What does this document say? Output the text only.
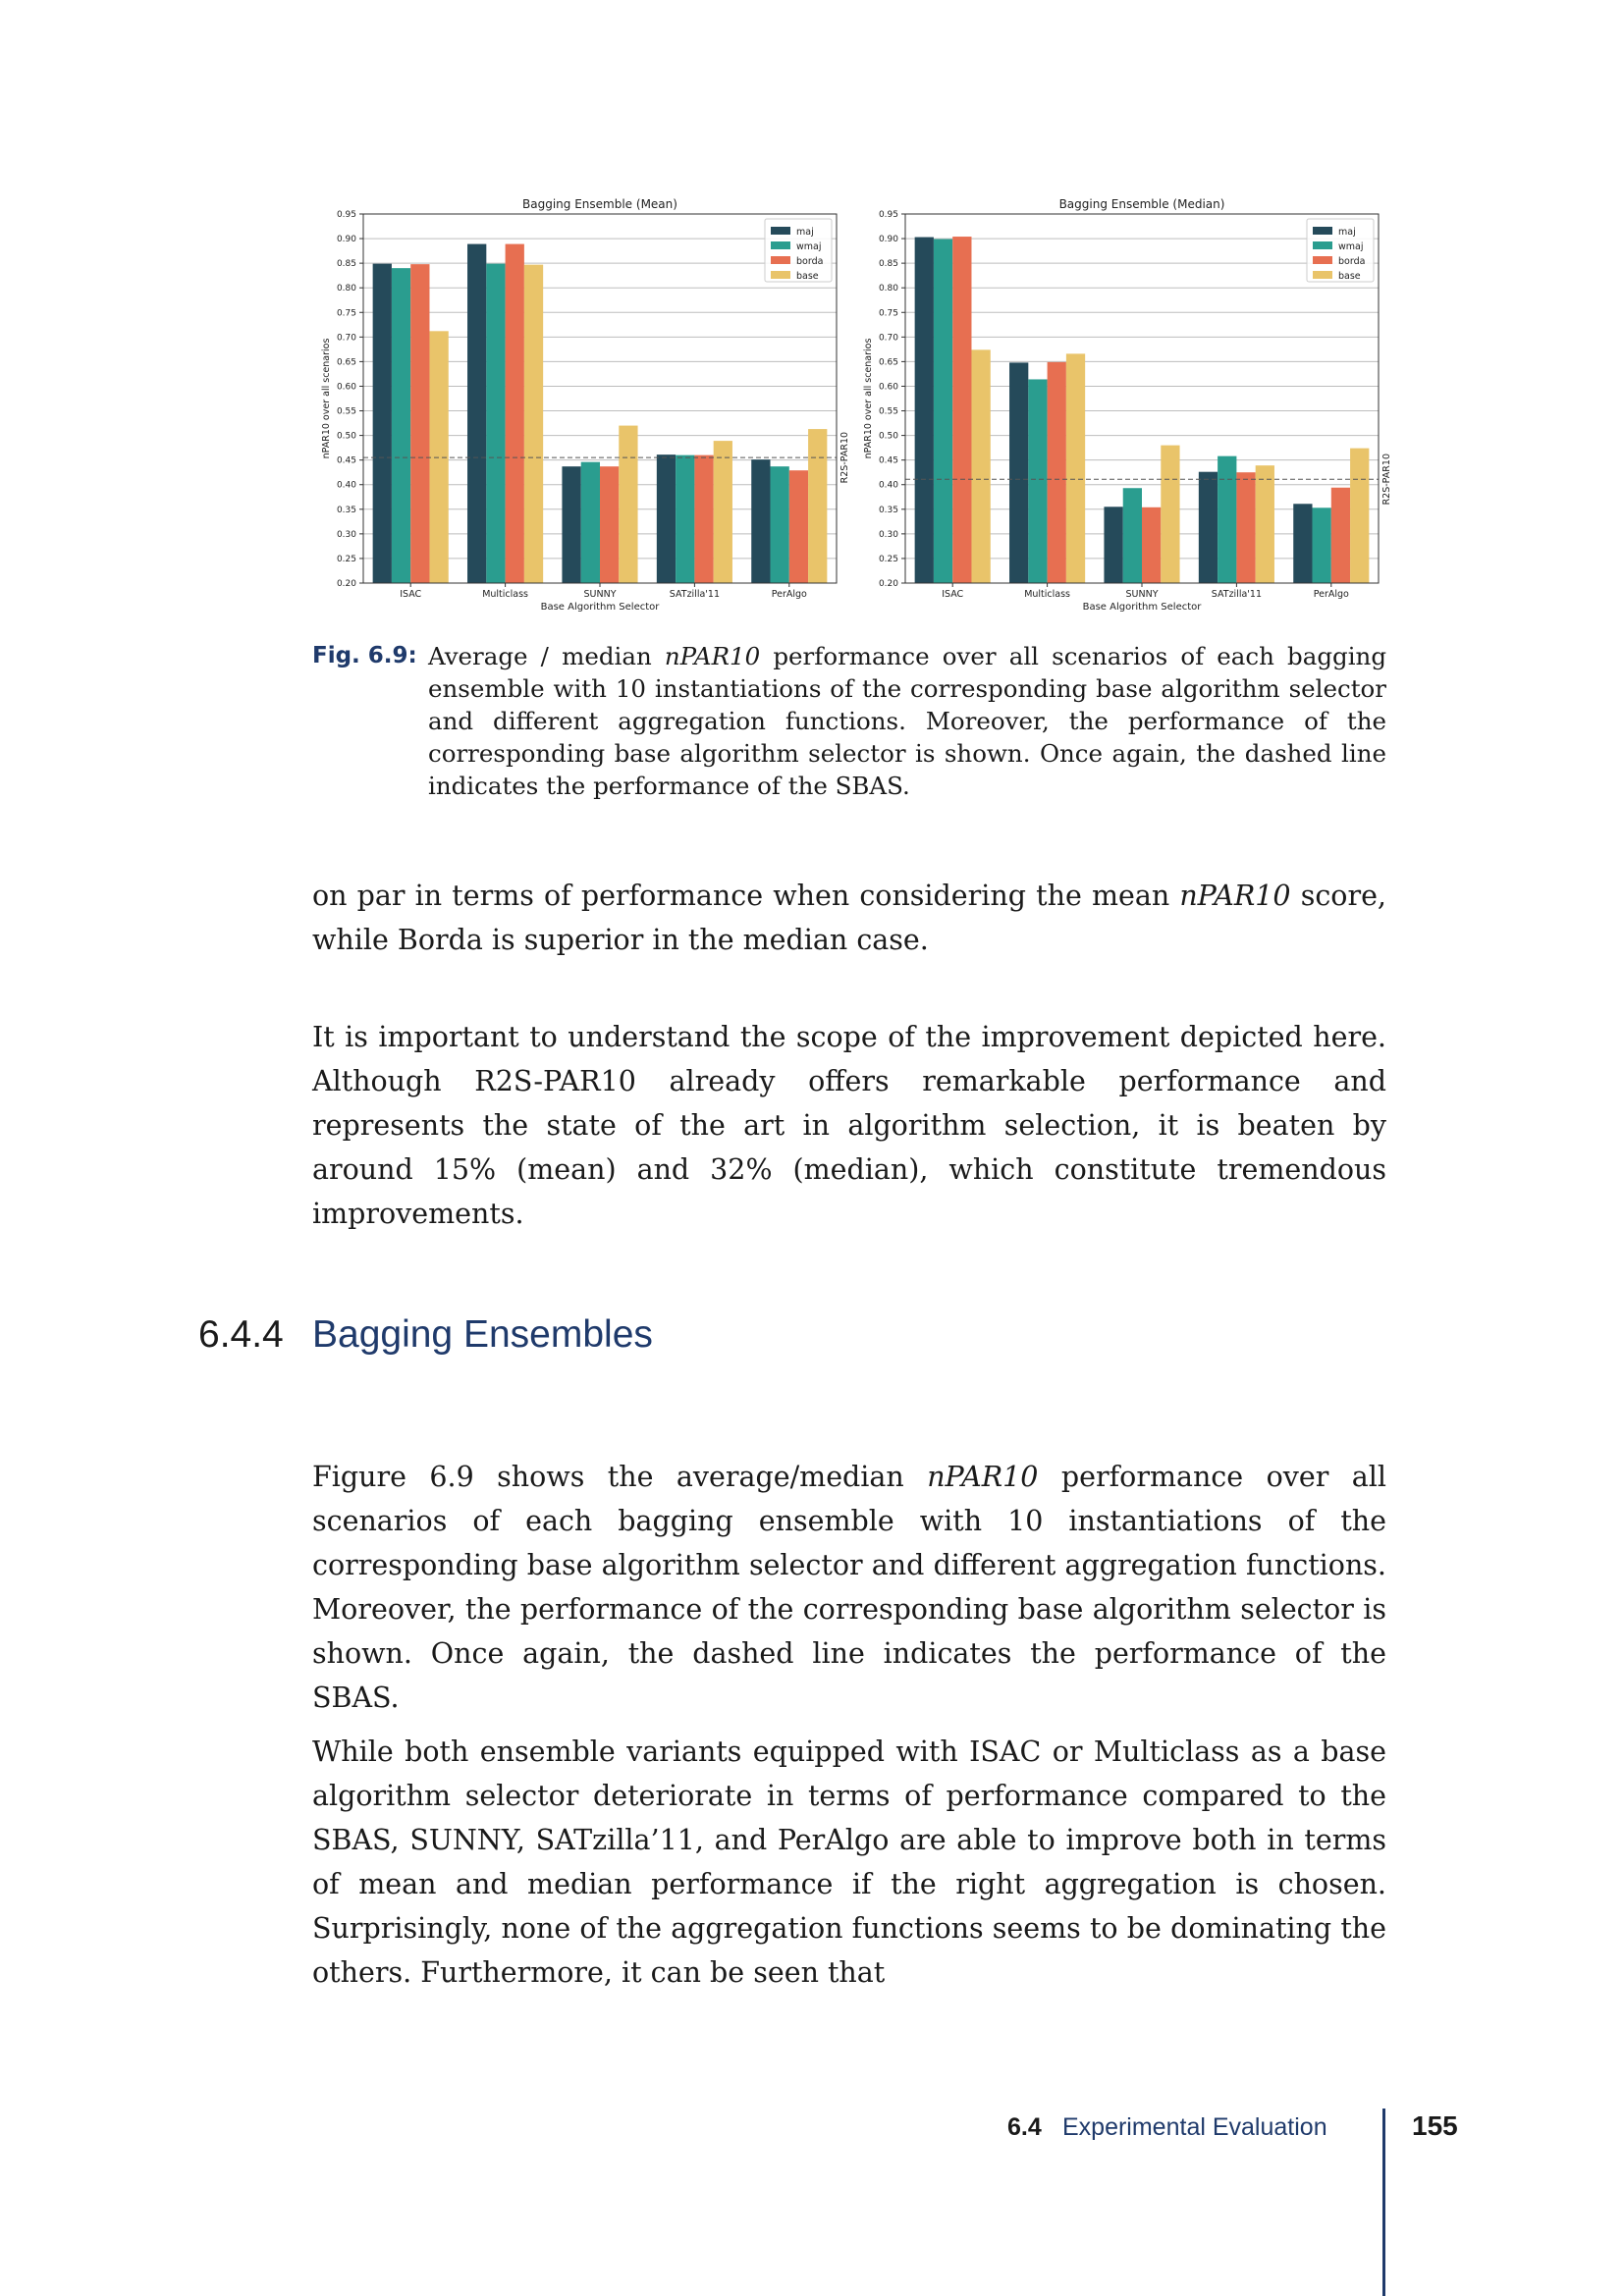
Bagging Ensemble (Mean)
0.20
0.25
0.30
0.35
0.40
0.45
0.50
0.55
0.60
0.65
0.70
0.75
0.80
0.85
0.90
0.95
ISAC	Multiclass	SUNNY	SATzilla'11	PerAlgo
Base Algorithm Selector
nPAR10 over all scenarios	R2S-PAR10
maj
wmaj
borda
base
Bagging Ensemble (Median)
0.20
0.25
0.30
0.35
0.40
0.45
0.50
0.55
0.60
0.65
0.70
0.75
0.80
0.85
0.90
0.95
ISAC	Multiclass	SUNNY	SATzilla'11	PerAlgo
Base Algorithm Selector
nPAR10 over all scenarios
R2S-PAR10
maj
wmaj
borda
base
Fig. 6.9: Average / median nPAR10 performance over all scenarios of each bagging ensemble with 10 instantiations of the corresponding base algorithm selector and different aggregation functions. Moreover, the performance of the corresponding base algorithm selector is shown. Once again, the dashed line indicates the performance of the SBAS.

on par in terms of performance when considering the mean nPAR10 score, while Borda is superior in the median case.

It is important to understand the scope of the improvement depicted here. Although R2S-PAR10 already offers remarkable performance and represents the state of the art in algorithm selection, it is beaten by around 15% (mean) and 32% (median), which constitute tremendous improvements.

6.4.4 Bagging Ensembles

Figure 6.9 shows the average/median nPAR10 performance over all scenarios of each bagging ensemble with 10 instantiations of the corresponding base algorithm selector and different aggregation functions. Moreover, the performance of the corresponding base algorithm selector is shown. Once again, the dashed line indicates the performance of the SBAS.

While both ensemble variants equipped with ISAC or Multiclass as a base algorithm selector deteriorate in terms of performance compared to the SBAS, SUNNY, SATzilla’11, and PerAlgo are able to improve both in terms of mean and median performance if the right aggregation is chosen. Surprisingly, none of the aggregation functions seems to be dominating the others. Furthermore, it can be seen that

6.4 Experimental Evaluation	155
